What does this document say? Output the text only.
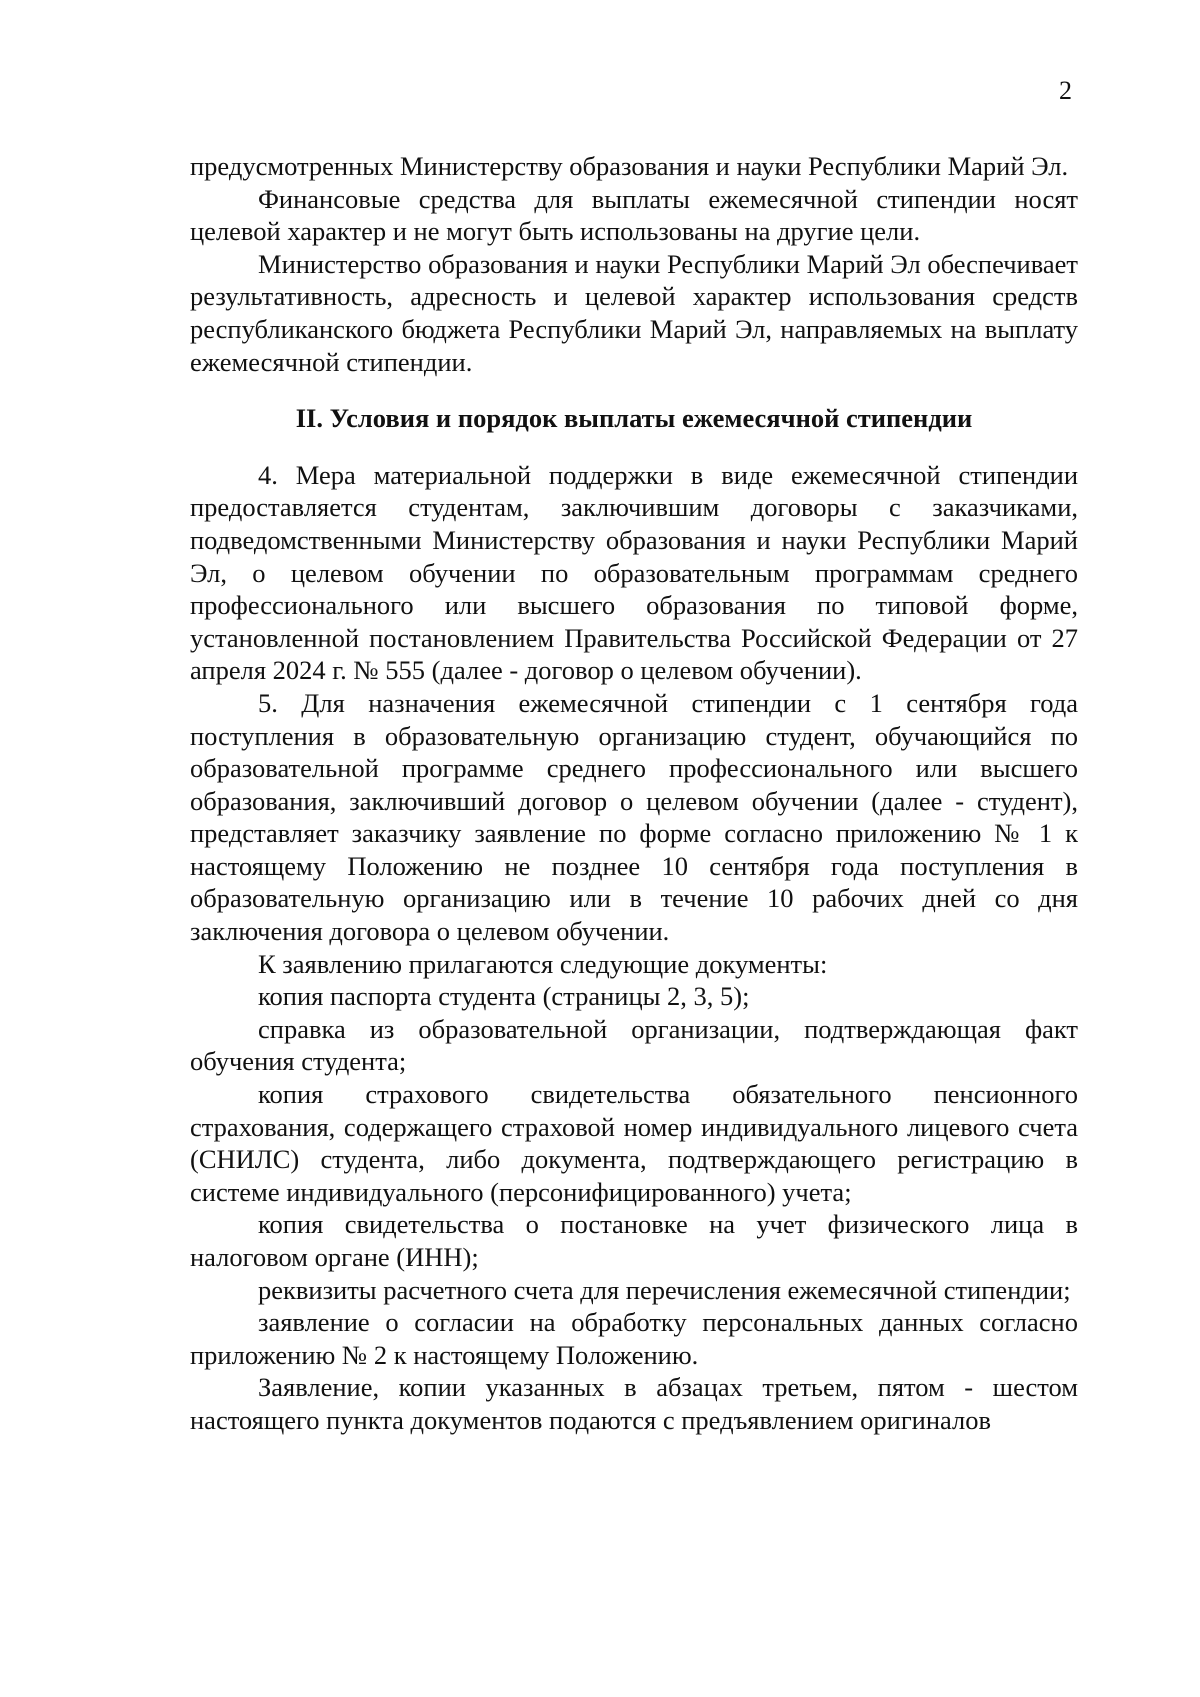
2

предусмотренных Министерству образования и науки Республики Марий Эл.

Финансовые средства для выплаты ежемесячной стипендии носят целевой характер и не могут быть использованы на другие цели.

Министерство образования и науки Республики Марий Эл обеспечивает результативность, адресность и целевой характер использования средств республиканского бюджета Республики Марий Эл, направляемых на выплату ежемесячной стипендии.

II. Условия и порядок выплаты ежемесячной стипендии

4. Мера материальной поддержки в виде ежемесячной стипендии предоставляется студентам, заключившим договоры с заказчиками, подведомственными Министерству образования и науки Республики Марий Эл, о целевом обучении по образовательным программам среднего профессионального или высшего образования по типовой форме, установленной постановлением Правительства Российской Федерации от 27 апреля 2024 г. № 555 (далее - договор о целевом обучении).

5. Для назначения ежемесячной стипендии с 1 сентября года поступления в образовательную организацию студент, обучающийся по образовательной программе среднего профессионального или высшего образования, заключивший договор о целевом обучении (далее - студент), представляет заказчику заявление по форме согласно приложению № 1 к настоящему Положению не позднее 10 сентября года поступления в образовательную организацию или в течение 10 рабочих дней со дня заключения договора о целевом обучении.

К заявлению прилагаются следующие документы:

копия паспорта студента (страницы 2, 3, 5);

справка из образовательной организации, подтверждающая факт обучения студента;

копия страхового свидетельства обязательного пенсионного страхования, содержащего страховой номер индивидуального лицевого счета (СНИЛС) студента, либо документа, подтверждающего регистрацию в системе индивидуального (персонифицированного) учета;

копия свидетельства о постановке на учет физического лица в налоговом органе (ИНН);

реквизиты расчетного счета для перечисления ежемесячной стипендии;

заявление о согласии на обработку персональных данных согласно приложению № 2 к настоящему Положению.

Заявление, копии указанных в абзацах третьем, пятом - шестом настоящего пункта документов подаются с предъявлением оригиналов
